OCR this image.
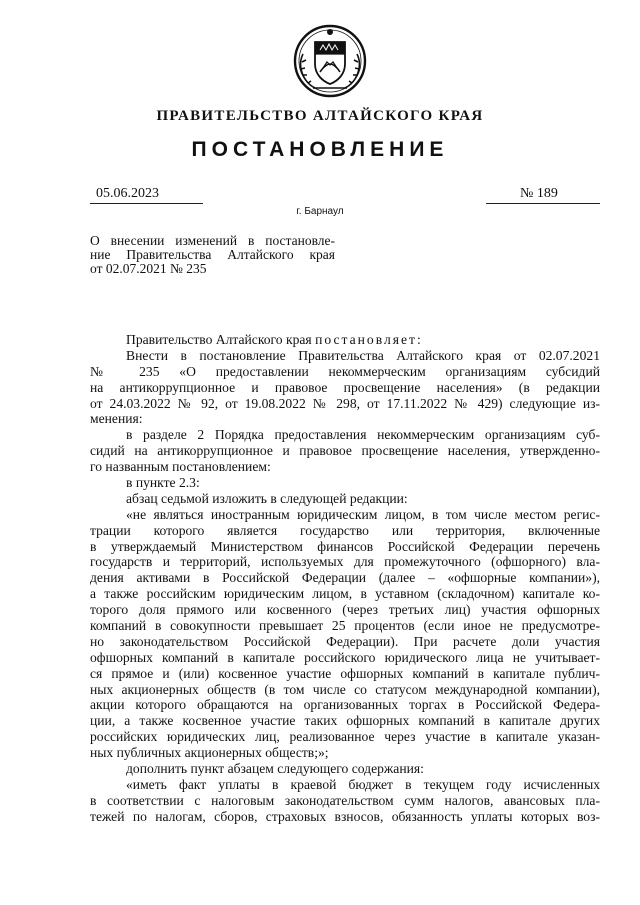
ПРАВИТЕЛЬСТВО АЛТАЙСКОГО КРАЯ
ПОСТАНОВЛЕНИЕ
05.06.2023	№ 189
г. Барнаул
О внесении изменений в постановле-
ние Правительства Алтайского края
от 02.07.2021 № 235
Правительство Алтайского края постановляет:
Внести в постановление Правительства Алтайского края от 02.07.2021
№ 235 «О предоставлении некоммерческим организациям субсидий
на антикоррупционное и правовое просвещение населения» (в редакции
от 24.03.2022 № 92, от 19.08.2022 № 298, от 17.11.2022 № 429) следующие из-
менения:
в разделе 2 Порядка предоставления некоммерческим организациям суб-
сидий на антикоррупционное и правовое просвещение населения, утвержденно-
го названным постановлением:
в пункте 2.3:
абзац седьмой изложить в следующей редакции:
«не являться иностранным юридическим лицом, в том числе местом регис-
трации которого является государство или территория, включенные
в утверждаемый Министерством финансов Российской Федерации перечень
государств и территорий, используемых для промежуточного (офшорного) вла-
дения активами в Российской Федерации (далее – «офшорные компании»),
а также российским юридическим лицом, в уставном (складочном) капитале ко-
торого доля прямого или косвенного (через третьих лиц) участия офшорных
компаний в совокупности превышает 25 процентов (если иное не предусмотре-
но законодательством Российской Федерации). При расчете доли участия
офшорных компаний в капитале российского юридического лица не учитывает-
ся прямое и (или) косвенное участие офшорных компаний в капитале публич-
ных акционерных обществ (в том числе со статусом международной компании),
акции которого обращаются на организованных торгах в Российской Федера-
ции, а также косвенное участие таких офшорных компаний в капитале других
российских юридических лиц, реализованное через участие в капитале указан-
ных публичных акционерных обществ;»;
дополнить пункт абзацем следующего содержания:
«иметь факт уплаты в краевой бюджет в текущем году исчисленных
в соответствии с налоговым законодательством сумм налогов, авансовых пла-
тежей по налогам, сборов, страховых взносов, обязанность уплаты которых воз-
